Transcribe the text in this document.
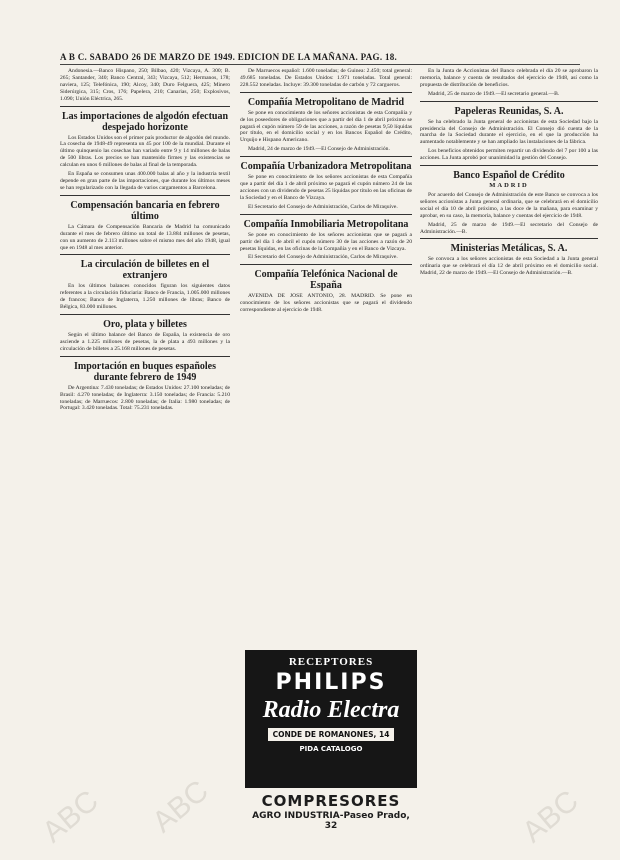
A B C. SABADO 26 DE MARZO DE 1949. EDICION DE LA MAÑANA. PAG. 18.

Andonesia.—Banco Hispano, 250; Bilbao, 420; Vizcaya, A. 300; B. 265; Santander, 340; Banco Central, 343; Vizcaya, 512; Hermanos, 178; naviera, 125; Telefónica, 190; Alcoy, 340; Duro Felguera, 425; Minero Siderúrgica, 315; Cros, 176; Papelera, 210; Canarias, 250; Explosivos, 1.090; Unión Eléctrica, 265.

Las importaciones de algodón efectuan despejado horizonte

Los Estados Unidos son el primer país productor de algodón del mundo. La cosecha de 1948-49 representa un 45 por 100 de la mundial. Durante el último quinquenio las cosechas han variado entre 9 y 14 millones de balas de 500 libras. Los precios se han mantenido firmes y las existencias se calculan en unos 6 millones de balas al final de la temporada.

En España se consumen unas 400.000 balas al año y la industria textil depende en gran parte de las importaciones, que durante los últimos meses se han regularizado con la llegada de varios cargamentos a Barcelona.

Compensación bancaria en febrero último

La Cámara de Compensación Bancaria de Madrid ha comunicado durante el mes de febrero último un total de 13.884 millones de pesetas, con un aumento de 2.113 millones sobre el mismo mes del año 1948, igual que en 1948 al mes anterior.

La circulación de billetes en el extranjero

En los últimos balances conocidos figuran los siguientes datos referentes a la circulación fiduciaria: Banco de Francia, 1.005.000 millones de francos; Banco de Inglaterra, 1.250 millones de libras; Banco de Bélgica, 83.000 millones.

Oro, plata y billetes

Según el último balance del Banco de España, la existencia de oro asciende a 1.225 millones de pesetas, la de plata a 493 millones y la circulación de billetes a 25.168 millones de pesetas.

Importación en buques españoles durante febrero de 1949

De Argentina: 7.430 toneladas; de Estados Unidos: 27.100 toneladas; de Brasil: 4.270 toneladas; de Inglaterra: 3.150 toneladas; de Francia: 5.210 toneladas; de Marruecos: 2.800 toneladas; de Italia: 1.980 toneladas; de Portugal: 3.420 toneladas. Total: 75.231 toneladas.

De Marruecos español: 1.600 toneladas; de Guinea: 2.450; total general: 49.685 toneladas. De Estados Unidos: 1.971 toneladas. Total general: 228.552 toneladas. Incluye: 39.300 toneladas de carbón y 72 cargueros.

Compañía Metropolitano de Madrid

Se pone en conocimiento de los señores accionistas de esta Compañía y de los poseedores de obligaciones que a partir del día 1 de abril próximo se pagará el cupón número 59 de las acciones, a razón de pesetas 9,50 líquidas por título, en el domicilio social y en los Bancos Español de Crédito, Urquijo e Hispano Americano.

Madrid, 24 de marzo de 1949.—El Consejo de Administración.

Compañía Urbanizadora Metropolitana

Se pone en conocimiento de los señores accionistas de esta Compañía que a partir del día 1 de abril próximo se pagará el cupón número 24 de las acciones con un dividendo de pesetas 25 líquidas por título en las oficinas de la Sociedad y en el Banco de Vizcaya.

El Secretario del Consejo de Administración, Carlos de Miraquive.

Compañía Inmobiliaria Metropolitana

Se pone en conocimiento de los señores accionistas que se pagará a partir del día 1 de abril el cupón número 30 de las acciones a razón de 20 pesetas líquidas, en las oficinas de la Compañía y en el Banco de Vizcaya.

El Secretario del Consejo de Administración, Carlos de Miraquive.

Compañía Telefónica Nacional de España

AVENIDA DE JOSE ANTONIO, 28. MADRID. Se pone en conocimiento de los señores accionistas que se pagará el dividendo correspondiente al ejercicio de 1948.

En la Junta de Accionistas del Banco celebrada el día 20 se aprobaron la memoria, balance y cuenta de resultados del ejercicio de 1948, así como la propuesta de distribución de beneficios.

Madrid, 25 de marzo de 1949.—El secretario general.—B.

Papeleras Reunidas, S. A.

Se ha celebrado la Junta general de accionistas de esta Sociedad bajo la presidencia del Consejo de Administración. El Consejo dió cuenta de la marcha de la Sociedad durante el ejercicio, en el que la producción ha aumentado notablemente y se han ampliado las instalaciones de la fábrica.

Los beneficios obtenidos permiten repartir un dividendo del 7 por 100 a las acciones. La Junta aprobó por unanimidad la gestión del Consejo.

Banco Español de Crédito
MADRID

Por acuerdo del Consejo de Administración de este Banco se convoca a los señores accionistas a Junta general ordinaria, que se celebrará en el domicilio social el día 10 de abril próximo, a las doce de la mañana, para examinar y aprobar, en su caso, la memoria, balance y cuentas del ejercicio de 1948.

Madrid, 25 de marzo de 1949.—El secretario del Consejo de Administración.—B.

Ministerias Metálicas, S. A.

Se convoca a los señores accionistas de esta Sociedad a la Junta general ordinaria que se celebrará el día 12 de abril próximo en el domicilio social. Madrid, 22 de marzo de 1949.—El Consejo de Administración.—B.

RECEPTORES
PHILIPS
Radio Electra
CONDE DE ROMANONES, 14
PIDA CATALOGO
COMPRESORES
AGRO INDUSTRIA-Paseo Prado, 32
ABC ABC	ABC
